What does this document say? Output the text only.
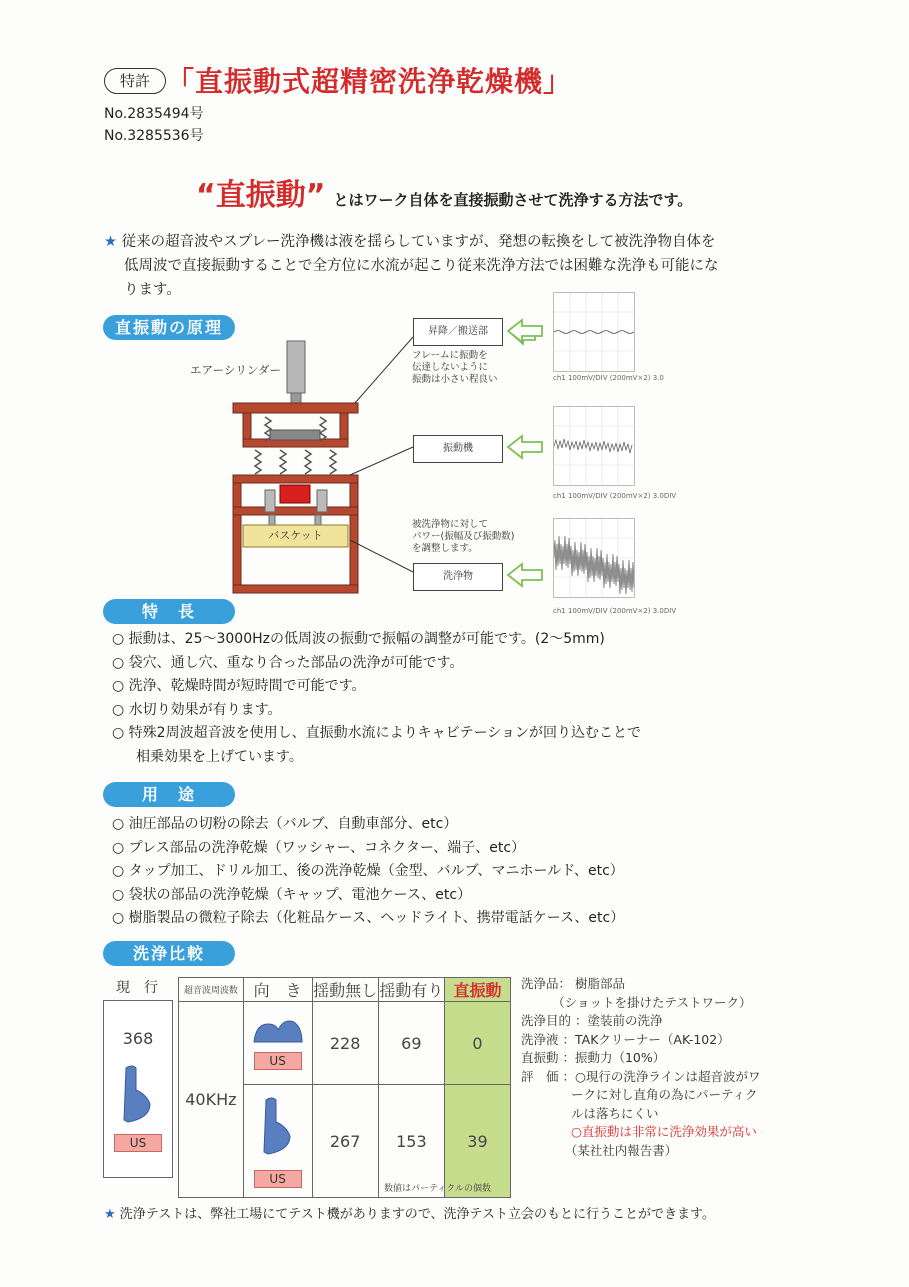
特許 「直振動式超精密洗浄乾燥機」
No.2835494号
No.3285536号
“直振動” とはワーク自体を直接振動させて洗浄する方法です。
★ 従来の超音波やスプレー洗浄機は液を揺らしていますが、発想の転換をして被洗浄物自体を
低周波で直接振動することで全方位に水流が起こり従来洗浄方法では困難な洗浄も可能にな
ります。
直振動の原理
エアーシリンダー
昇降／搬送部
フレームに振動を
伝達しないように
振動は小さい程良い
振動機
被洗浄物に対して
パワー(振幅及び振動数)
を調整します。
洗浄物
バスケット
ch1 100mV/DIV (200mV×2) 3.0
ch1 100mV/DIV (200mV×2) 3.0DIV
ch1 100mV/DIV (200mV×2) 3.0DIV
特　長
○ 振動は、25～3000Hzの低周波の振動で振幅の調整が可能です。(2～5mm)
○ 袋穴、通し穴、重なり合った部品の洗浄が可能です。
○ 洗浄、乾燥時間が短時間で可能です。
○ 水切り効果が有ります。
○ 特殊2周波超音波を使用し、直振動水流によりキャビテーションが回り込むことで
相乗効果を上げています。
用　途
○ 油圧部品の切粉の除去（バルブ、自動車部分、etc）
○ プレス部品の洗浄乾燥（ワッシャー、コネクター、端子、etc）
○ タップ加工、ドリル加工、後の洗浄乾燥（金型、バルブ、マニホールド、etc）
○ 袋状の部品の洗浄乾燥（キャップ、電池ケース、etc）
○ 樹脂製品の微粒子除去（化粧品ケース、ヘッドライト、携帯電話ケース、etc）
洗浄比較
現　行
368
US
超音波周波数	向　き	揺動無し	揺動有り	直振動
40KHz	US	228	69	0

	US	267	153	39
数値はパーティクルの個数
洗浄品： 樹脂部品
　　　（ショットを掛けたテストワーク）
洗浄目的 ：塗装前の洗浄
洗浄液 ：TAKクリーナー（AK-102）
直振動 ：振動力（10%）
評　価 ：○現行の洗浄ラインは超音波がワ
　　　　ークに対し直角の為にパーティク
　　　　ルは落ちにくい
　　　　○直振動は非常に洗浄効果が高い
　　　　（某社社内報告書）
★ 洗浄テストは、弊社工場にてテスト機がありますので、洗浄テスト立会のもとに行うことができます。
